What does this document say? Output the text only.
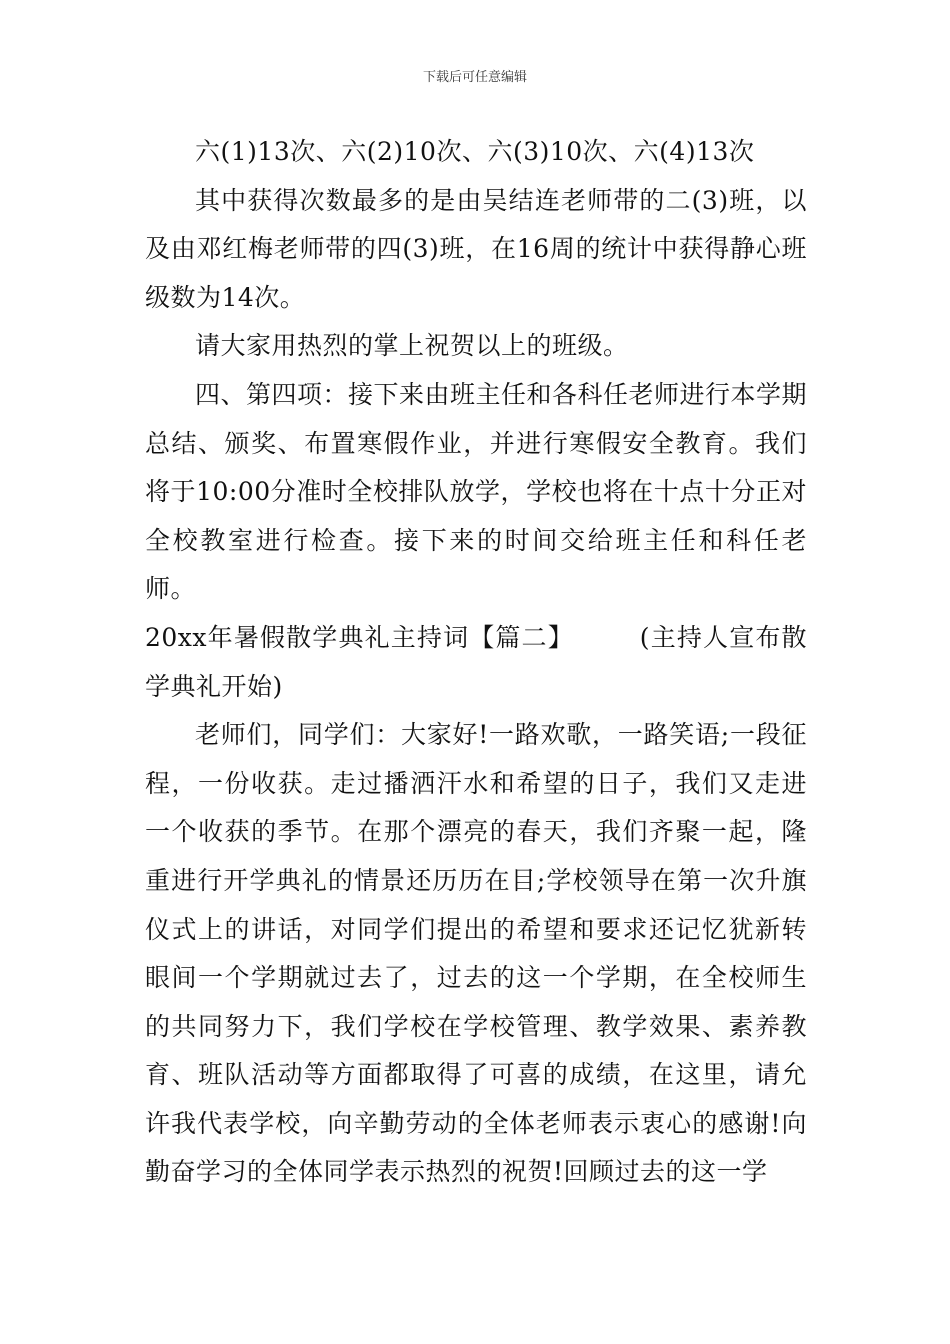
下载后可任意编辑

六(1)13次、六(2)10次、六(3)10次、六(4)13次

其中获得次数最多的是由吴结连老师带的二(3)班，以及由邓红梅老师带的四(3)班，在16周的统计中获得静心班级数为14次。

请大家用热烈的掌上祝贺以上的班级。

四、第四项：接下来由班主任和各科任老师进行本学期总结、颁奖、布置寒假作业，并进行寒假安全教育。我们将于10:00分准时全校排队放学，学校也将在十点十分正对全校教室进行检查。接下来的时间交给班主任和科任老师。

20xx年暑假散学典礼主持词【篇二】　　　(主持人宣布散学典礼开始)

老师们，同学们：大家好!一路欢歌，一路笑语;一段征程，一份收获。走过播洒汗水和希望的日子，我们又走进一个收获的季节。在那个漂亮的春天，我们齐聚一起，隆重进行开学典礼的情景还历历在目;学校领导在第一次升旗仪式上的讲话，对同学们提出的希望和要求还记忆犹新转眼间一个学期就过去了，过去的这一个学期，在全校师生的共同努力下，我们学校在学校管理、教学效果、素养教育、班队活动等方面都取得了可喜的成绩，在这里，请允许我代表学校，向辛勤劳动的全体老师表示衷心的感谢!向勤奋学习的全体同学表示热烈的祝贺!回顾过去的这一学
